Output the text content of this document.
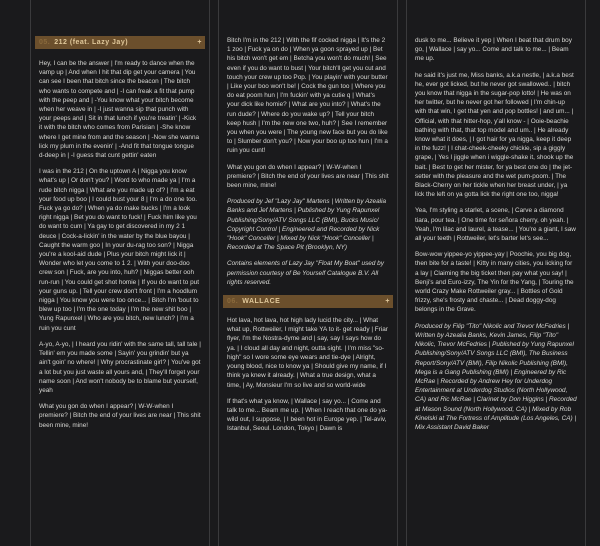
05. 212 (feat. Lazy Jay)	+

Hey, I can be the answer | I'm ready to dance when the vamp up | And when I hit that dip get your camera | You can see I been that bitch since the beacon | The bitch who wants to compete and | -I can freak a fit that pump with the peep and | -You know what your bitch become when her weave in | -I just wanna sip that punch with your peeps and | Sit in that lunch if you're treatin' | -Kick it with the bitch who comes from Parisian | -She know where I get mine from and the season | -Now she wanna lick my plum in the evenin' | -And fit that tongue tongue d-deep in | -I guess that cunt gettin' eaten

I was in the 212 | On the uptown A | Nigga you know what's up | Or don't you? | Word to who made ya | I'm a rude bitch nigga | What are you made up of? | I'm a eat your food up boo | I could bust your 8 | I'm a do one too. Fuck ya go do? | When ya do make bucks | I'm a look right nigga | Bet you do want to fuck! | Fuck him like you do want to cum | Ya gay to get discovered in my 2 1 deuce | Cock-a-lickin' in the water by the blue bayou | Caught the warm goo | In your du-rag too son? | Nigga you're a kool-aid dude | Plus your bitch might lick it | Wonder who let you come to 1 2. | With your doo-doo crew son | Fuck, are you into, huh? | Niggas better ooh run-run | You could get shot homie | If you do want to put your guns up. | Tell your crew don't front | I'm a hoodlum nigga | You know you were too once... | Bitch I'm 'bout to blew up too | I'm the one today | I'm the new shit boo | Yung Rapunxel | Who are you bitch, new lunch? | I'm a ruin you cunt

A-yo, A-yo, | I heard you ridin' with the same tall, tall tale | Tellin' em you made some | Sayin' you grindin' but ya ain't goin' no where! | Why procrastinate girl? | You've got a lot but you just waste all yours and, | They'll forget your name soon | And won't nobody be to blame but yourself, yeah

What you gon do when I appear? | W-W-when I premiere? | Bitch the end of your lives are near | This shit been mine, mine!

Bitch I'm in the 212 | With the fif cocked nigga | It's the 2 1 zoo | Fuck ya on do | When ya goon sprayed up | Bet his bitch won't get em | Betcha you won't do much! | See even if you do want to bust | Your bitch'll get you cut and touch your crew up too Pop. | You playin' with your butter | Like your boo won't be! | Cock the gun too | Where you do eat poom hun | I'm fuckin' with ya cutie q | What's your dick like homie? | What are you into? | What's the run dude? | Where do you wake up? | Tell your bitch keep hush | I'm the new one two, huh? | See I remember you when you were | The young new face but you do like to | Slumber don't you? | Now your boo up too hun | I'm a ruin you cunt!

What you gon do when I appear? | W-W-when I premiere? | Bitch the end of your lives are near | This shit been mine, mine!

Produced by Jef "Lazy Jay" Martens | Written by Azealia Banks and Jef Martens | Published by Yung Rapunxel Publishing/Sony/ATV Songs LLC (BMI), Bucks Music/ Copyright Control | Engineered and Recorded by Nick "Hook" Conceller | Mixed by Nick "Hook" Conceller | Recorded at The Space Pit (Brooklyn, NY)

Contains elements of Lazy Jay "Float My Boat" used by permission courtesy of Be Yourself Catalogue B.V. All rights reserved.

06. WALLACE	+

Hot lava, hot lava, hot high lady lucid the city... | What what up, Rottweiler, I might take YA to it- get ready | Friar flyer, I'm the Nostra-dyme and | say, say I says how do ya. | I cloud all day and night, outta sight. | I'm miss "so-high" so I wore some eye wears and tie-dye | Alright, young blood, nice to know ya | Should give my name, if I think ya knew it already. | What a true design, what a time, | Ay, Monsieur I'm so live and so world-wide

If that's what ya know, | Wallace | say yo... | Come and talk to me... Beam me up. | When I reach that one do ya- wild out, I suppose, | I been hot in Europe yep. | Tel-aviv, Istanbul, Seoul. London, Tokyo | Dawn is

dusk to me... Believe it yep | When I beat that drum boy go, | Wallace | say yo... Come and talk to me... | Beam me up.

he said it's just me, Miss banks, a.k.a nestle, | a.k.a best he, ever got licked, but he never got swallowed.. | bitch you know that nigga in the sugar-pop lotto! | He was on her twitter, but he never got her followed | I'm chin-up with that win, I get that yen and pop bottles! | and um... | Official, with that hitter-hop, y'all know - | Ooie-beachie bathing with that, that top model and um.. | He already know what it does, | I got hair for ya nigga, keep it deep in the fuzz! | I chat-cheek-cheeky chickie, sip a giggly grape, | Yes I jiggle when i wiggle-shake it, shook up the bait. | Best to get her mister, for ya best one do | the jet-setter with the pleasure and the wet pum-poom. | The Black-Cherry on her tickle when her breast under, | ya lick the left on ya gotta lick the right one too, nigga!

Yea, I'm styling a starlet, a scene, | Carve a diamond tiara, pour tea. | One time for señora cherry, oh yeah. | Yeah, I'm lilac and laurel, a tease... | You're a giant, I saw all your teeth | Rottweiler, let's barter let's see...

Bow-wow yippee-yo yippee-yay | Poochie, you big dog, then bite for a taste! | Kitty in many cities, you licking for a lay | Claiming the big ticket then pay what you say! | Benji's and Euro-izzy, The Yin for the Yang, | Touring the world Crazy Make Rottweiler gray... | Bottles of Gold frizzy, she's frosty and chaste... | Dead doggy-dog belongs in the Grave.

Produced by Filip "Tito" Nikolic and Trevor McFedries | Written by Azealia Banks, Kevin James, Filip "Tito" Nikolic, Trevor McFedries | Published by Yung Rapunxel Publishing/Sony/ATV Songs LLC (BMI), The Business Report/Sony/ATV (BMI), Filip Nikolic Publishing (BMI), Mega is a Gang Publishing (BMI) | Engineered by Ric McRae | Recorded by Andrew Hey for Underdog Entertainment at Underdog Studios (North Hollywood, CA) and Ric McRae | Clarinet by Don Higgins | Recorded at Mason Sound (North Hollywood, CA) | Mixed by Rob Kinelski at The Fortress of Amplitude (Los Angeles, CA) | Mix Assistant David Baker
